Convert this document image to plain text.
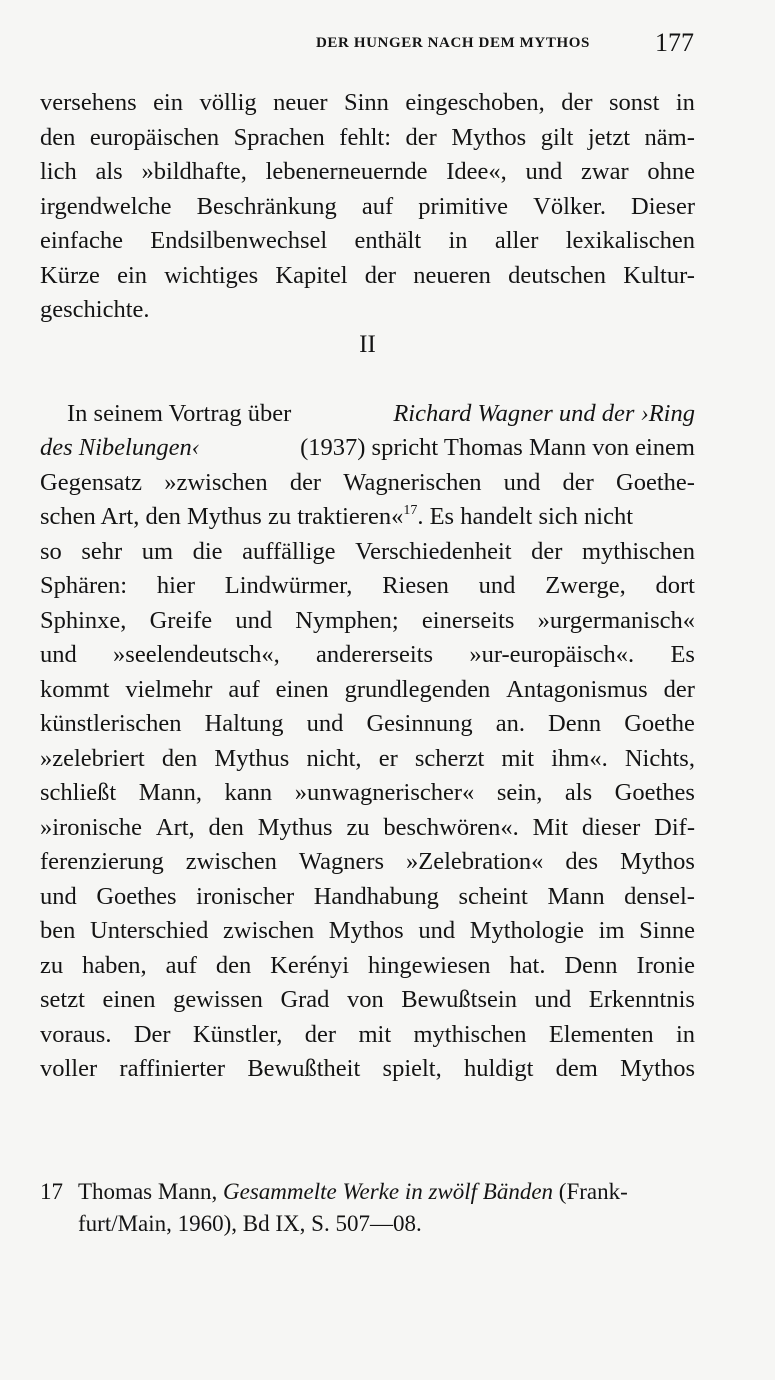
DER HUNGER NACH DEM MYTHOS	177
versehens ein völlig neuer Sinn eingeschoben, der sonst in
den europäischen Sprachen fehlt: der Mythos gilt jetzt näm-
lich als »bildhafte, lebenerneuernde Idee«, und zwar ohne
irgendwelche Beschränkung auf primitive Völker. Dieser
einfache Endsilbenwechsel enthält in aller lexikalischen
Kürze ein wichtiges Kapitel der neueren deutschen Kultur-
geschichte.
II
In seinem Vortrag über	Richard Wagner und der ›Ring
des Nibelungen‹	(1937) spricht Thomas Mann von einem
Gegensatz »zwischen der Wagnerischen und der Goethe-
schen Art, den Mythus zu traktieren«$^{17}$. Es handelt sich nicht
so sehr um die auffällige Verschiedenheit der mythischen
Sphären: hier Lindwürmer, Riesen und Zwerge, dort
Sphinxe, Greife und Nymphen; einerseits »urgermanisch«
und »seelendeutsch«, andererseits »ur-europäisch«. Es
kommt vielmehr auf einen grundlegenden Antagonismus der
künstlerischen Haltung und Gesinnung an. Denn Goethe
»zelebriert den Mythus nicht, er scherzt mit ihm«. Nichts,
schließt Mann, kann »unwagnerischer« sein, als Goethes
»ironische Art, den Mythus zu beschwören«. Mit dieser Dif-
ferenzierung zwischen Wagners »Zelebration« des Mythos
und Goethes ironischer Handhabung scheint Mann densel-
ben Unterschied zwischen Mythos und Mythologie im Sinne
zu haben, auf den Kerényi hingewiesen hat. Denn Ironie
setzt einen gewissen Grad von Bewußtsein und Erkenntnis
voraus. Der Künstler, der mit mythischen Elementen in
voller raffinierter Bewußtheit spielt, huldigt dem Mythos
17 Thomas Mann, Gesammelte Werke in zwölf Bänden (Frank-
furt/Main, 1960), Bd IX, S. 507—08.
